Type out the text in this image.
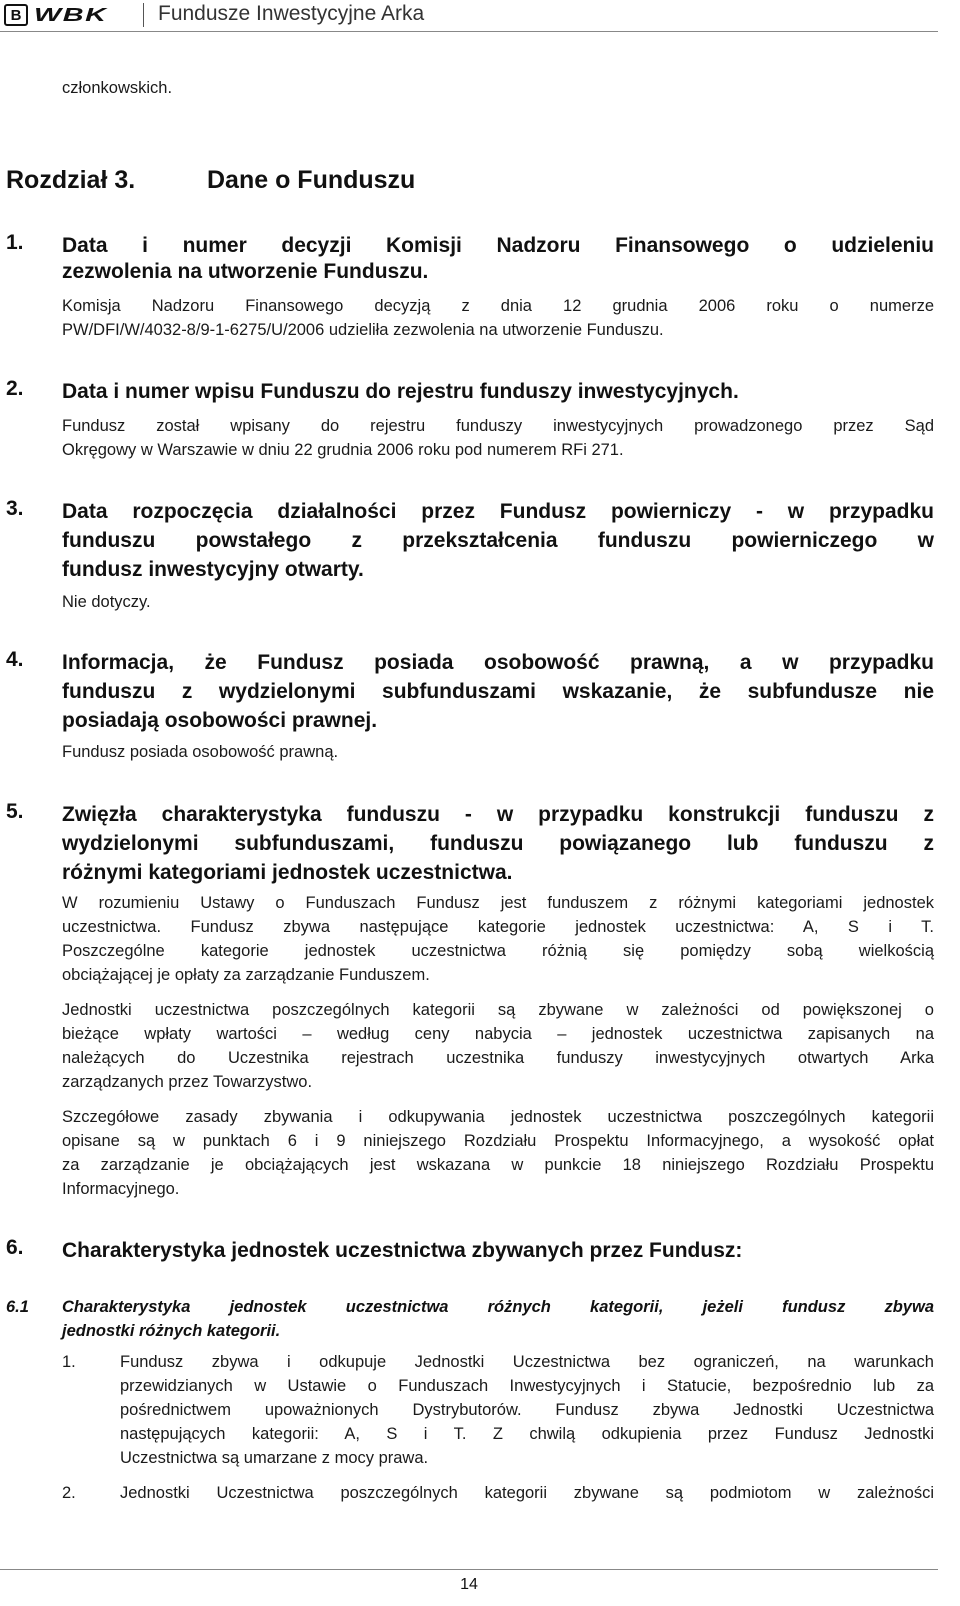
B WBK Fundusze Inwestycyjne Arka
członkowskich.
Rozdział 3.	Dane o Funduszu
1. Data i numer decyzji Komisji Nadzoru Finansowego o udzieleniu
zezwolenia na utworzenie Funduszu.
Komisja Nadzoru Finansowego decyzją z dnia 12 grudnia 2006 roku o numerze
PW/DFI/W/4032-8/9-1-6275/U/2006 udzieliła zezwolenia na utworzenie Funduszu.
2. Data i numer wpisu Funduszu do rejestru funduszy inwestycyjnych.
Fundusz został wpisany do rejestru funduszy inwestycyjnych prowadzonego przez Sąd
Okręgowy w Warszawie w dniu 22 grudnia 2006 roku pod numerem RFi 271.
3. Data rozpoczęcia działalności przez Fundusz powierniczy - w przypadku
funduszu powstałego z przekształcenia funduszu powierniczego w
fundusz inwestycyjny otwarty.
Nie dotyczy.
4. Informacja, że Fundusz posiada osobowość prawną, a w przypadku
funduszu z wydzielonymi subfunduszami wskazanie, że subfundusze nie
posiadają osobowości prawnej.
Fundusz posiada osobowość prawną.
5. Zwięzła charakterystyka funduszu - w przypadku konstrukcji funduszu z
wydzielonymi subfunduszami, funduszu powiązanego lub funduszu z
różnymi kategoriami jednostek uczestnictwa.
W rozumieniu Ustawy o Funduszach Fundusz jest funduszem z różnymi kategoriami jednostek
uczestnictwa. Fundusz zbywa następujące kategorie jednostek uczestnictwa: A, S i T.
Poszczególne kategorie jednostek uczestnictwa różnią się pomiędzy sobą wielkością
obciążającej je opłaty za zarządzanie Funduszem.
Jednostki uczestnictwa poszczególnych kategorii są zbywane w zależności od powiększonej o
bieżące wpłaty wartości – według ceny nabycia – jednostek uczestnictwa zapisanych na
należących do Uczestnika rejestrach uczestnika funduszy inwestycyjnych otwartych Arka
zarządzanych przez Towarzystwo.
Szczegółowe zasady zbywania i odkupywania jednostek uczestnictwa poszczególnych kategorii
opisane są w punktach 6 i 9 niniejszego Rozdziału Prospektu Informacyjnego, a wysokość opłat
za zarządzanie je obciążających jest wskazana w punkcie 18 niniejszego Rozdziału Prospektu
Informacyjnego.
6. Charakterystyka jednostek uczestnictwa zbywanych przez Fundusz:
6.1 Charakterystyka jednostek uczestnictwa różnych kategorii, jeżeli fundusz zbywa
jednostki różnych kategorii.
1.	Fundusz zbywa i odkupuje Jednostki Uczestnictwa bez ograniczeń, na warunkach
przewidzianych w Ustawie o Funduszach Inwestycyjnych i Statucie, bezpośrednio lub za
pośrednictwem upoważnionych Dystrybutorów. Fundusz zbywa Jednostki Uczestnictwa
następujących kategorii: A, S i T. Z chwilą odkupienia przez Fundusz Jednostki
Uczestnictwa są umarzane z mocy prawa.
2.	Jednostki Uczestnictwa poszczególnych kategorii zbywane są podmiotom w zależności
14
